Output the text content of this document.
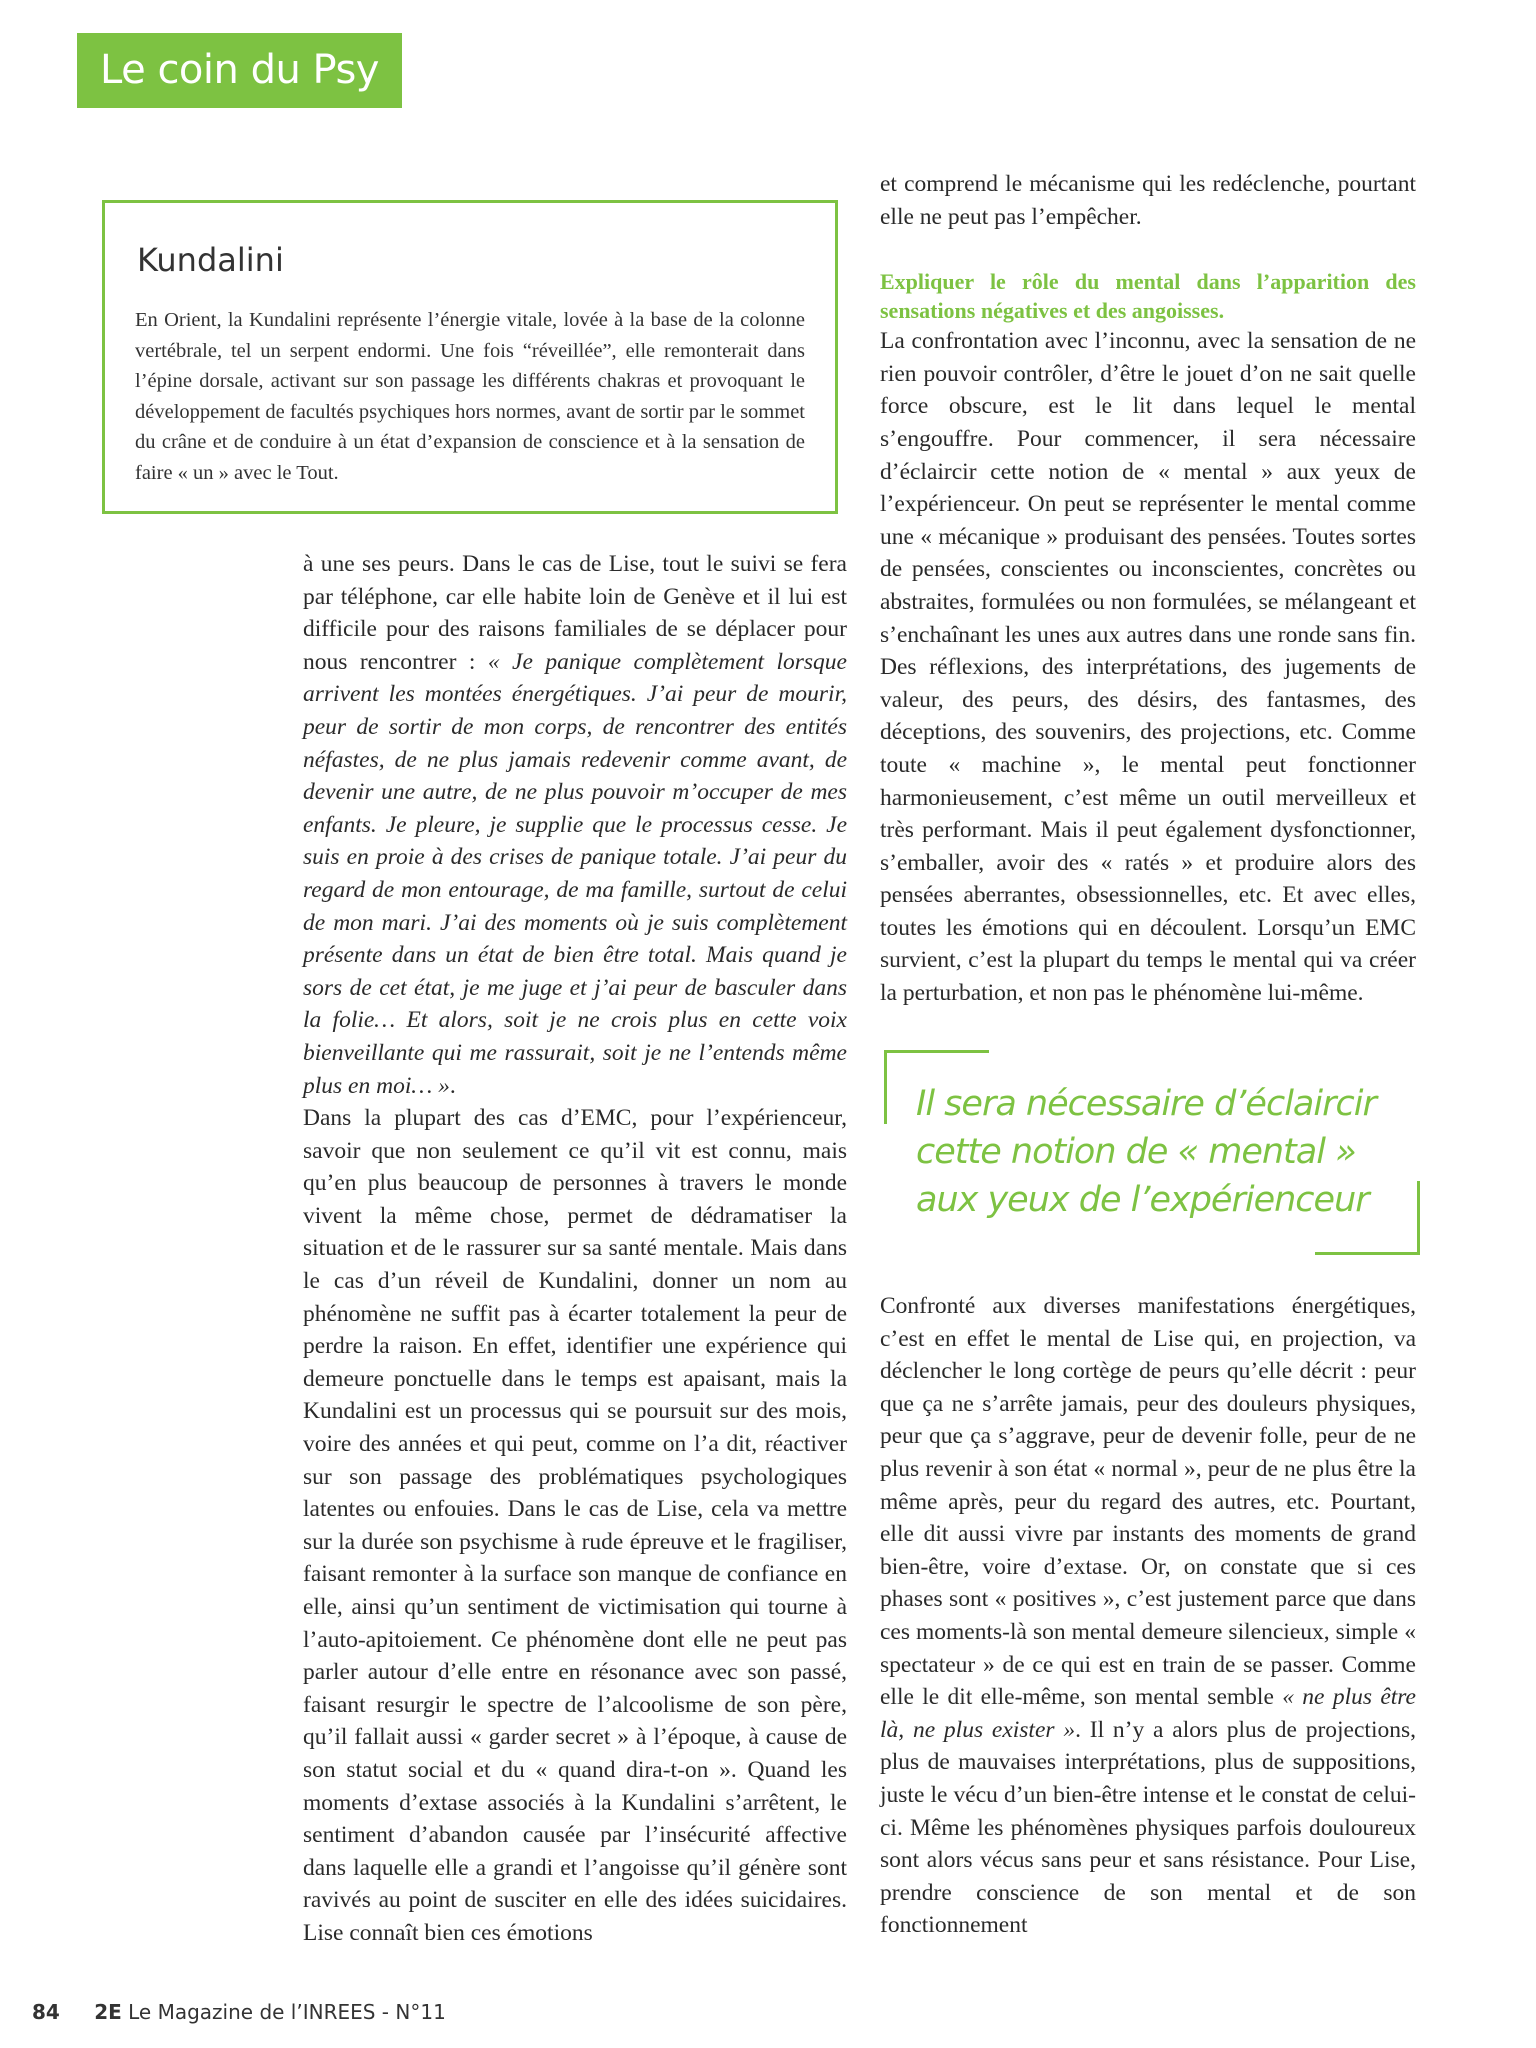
Le coin du Psy
Kundalini

En Orient, la Kundalini représente l’énergie vitale, lovée à la base de la colonne vertébrale, tel un serpent endormi. Une fois “réveillée”, elle remonterait dans l’épine dorsale, activant sur son passage les différents chakras et provoquant le développement de facultés psychiques hors normes, avant de sortir par le sommet du crâne et de conduire à un état d’expansion de conscience et à la sensation de faire « un » avec le Tout.

à une ses peurs. Dans le cas de Lise, tout le suivi se fera par téléphone, car elle habite loin de Genève et il lui est difficile pour des raisons familiales de se déplacer pour nous rencontrer : « Je panique complètement lorsque arrivent les montées énergétiques. J’ai peur de mourir, peur de sortir de mon corps, de rencontrer des entités néfastes, de ne plus jamais redevenir comme avant, de devenir une autre, de ne plus pouvoir m’occuper de mes enfants. Je pleure, je supplie que le processus cesse. Je suis en proie à des crises de panique totale. J’ai peur du regard de mon entourage, de ma famille, surtout de celui de mon mari. J’ai des moments où je suis complètement présente dans un état de bien être total. Mais quand je sors de cet état, je me juge et j’ai peur de basculer dans la folie… Et alors, soit je ne crois plus en cette voix bienveillante qui me rassurait, soit je ne l’entends même plus en moi… ».

Dans la plupart des cas d’EMC, pour l’expérienceur, savoir que non seulement ce qu’il vit est connu, mais qu’en plus beaucoup de personnes à travers le monde vivent la même chose, permet de dédramatiser la situation et de le rassurer sur sa santé mentale. Mais dans le cas d’un réveil de Kundalini, donner un nom au phénomène ne suffit pas à écarter totalement la peur de perdre la raison. En effet, identifier une expérience qui demeure ponctuelle dans le temps est apaisant, mais la Kundalini est un processus qui se poursuit sur des mois, voire des années et qui peut, comme on l’a dit, réactiver sur son passage des problématiques psychologiques latentes ou enfouies. Dans le cas de Lise, cela va mettre sur la durée son psychisme à rude épreuve et le fragiliser, faisant remonter à la surface son manque de confiance en elle, ainsi qu’un sentiment de victimisation qui tourne à l’auto-apitoiement. Ce phénomène dont elle ne peut pas parler autour d’elle entre en résonance avec son passé, faisant resurgir le spectre de l’alcoolisme de son père, qu’il fallait aussi « garder secret » à l’époque, à cause de son statut social et du « quand dira-t-on ». Quand les moments d’extase associés à la Kundalini s’arrêtent, le sentiment d’abandon causée par l’insécurité affective dans laquelle elle a grandi et l’angoisse qu’il génère sont ravivés au point de susciter en elle des idées suicidaires. Lise connaît bien ces émotions

et comprend le mécanisme qui les redéclenche, pourtant elle ne peut pas l’empêcher.

Expliquer le rôle du mental dans l’apparition des sensations négatives et des angoisses.

La confrontation avec l’inconnu, avec la sensation de ne rien pouvoir contrôler, d’être le jouet d’on ne sait quelle force obscure, est le lit dans lequel le mental s’engouffre. Pour commencer, il sera nécessaire d’éclaircir cette notion de « mental » aux yeux de l’expérienceur. On peut se représenter le mental comme une « mécanique » produisant des pensées. Toutes sortes de pensées, conscientes ou inconscientes, concrètes ou abstraites, formulées ou non formulées, se mélangeant et s’enchaînant les unes aux autres dans une ronde sans fin. Des réflexions, des interprétations, des jugements de valeur, des peurs, des désirs, des fantasmes, des déceptions, des souvenirs, des projections, etc. Comme toute « machine », le mental peut fonctionner harmonieusement, c’est même un outil merveilleux et très performant. Mais il peut également dysfonctionner, s’emballer, avoir des « ratés » et produire alors des pensées aberrantes, obsessionnelles, etc. Et avec elles, toutes les émotions qui en découlent. Lorsqu’un EMC survient, c’est la plupart du temps le mental qui va créer la perturbation, et non pas le phénomène lui-même.

Il sera nécessaire d’éclaircir
cette notion de « mental »
aux yeux de l’expérienceur

Confronté aux diverses manifestations énergétiques, c’est en effet le mental de Lise qui, en projection, va déclencher le long cortège de peurs qu’elle décrit : peur que ça ne s’arrête jamais, peur des douleurs physiques, peur que ça s’aggrave, peur de devenir folle, peur de ne plus revenir à son état « normal », peur de ne plus être la même après, peur du regard des autres, etc. Pourtant, elle dit aussi vivre par instants des moments de grand bien-être, voire d’extase. Or, on constate que si ces phases sont « positives », c’est justement parce que dans ces moments-là son mental demeure silencieux, simple « spectateur » de ce qui est en train de se passer. Comme elle le dit elle-même, son mental semble « ne plus être là, ne plus exister ». Il n’y a alors plus de projections, plus de mauvaises interprétations, plus de suppositions, juste le vécu d’un bien-être intense et le constat de celui-ci. Même les phénomènes physiques parfois douloureux sont alors vécus sans peur et sans résistance. Pour Lise, prendre conscience de son mental et de son fonctionnement

84 2E Le Magazine de l’INREES - N°11
